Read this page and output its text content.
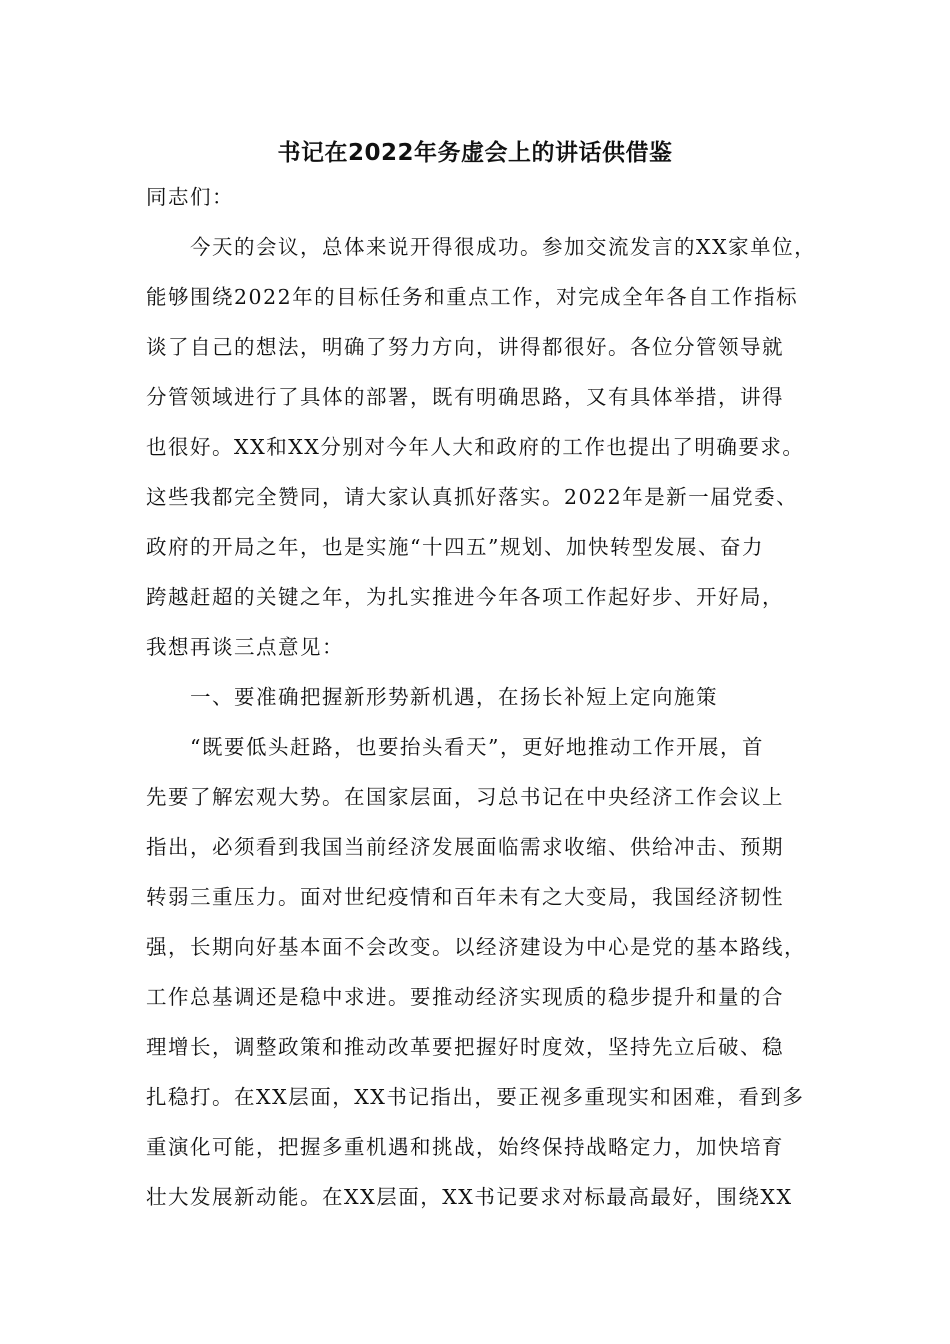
书记在2022年务虚会上的讲话供借鉴
同志们：
今天的会议，总体来说开得很成功。参加交流发言的XX家单位，
能够围绕2022年的目标任务和重点工作，对完成全年各自工作指标
谈了自己的想法，明确了努力方向，讲得都很好。各位分管领导就
分管领域进行了具体的部署，既有明确思路，又有具体举措，讲得
也很好。XX和XX分别对今年人大和政府的工作也提出了明确要求。
这些我都完全赞同，请大家认真抓好落实。2022年是新一届党委、
政府的开局之年，也是实施“十四五”规划、加快转型发展、奋力
跨越赶超的关键之年，为扎实推进今年各项工作起好步、开好局，
我想再谈三点意见：
一、要准确把握新形势新机遇，在扬长补短上定向施策
“既要低头赶路，也要抬头看天”，更好地推动工作开展，首
先要了解宏观大势。在国家层面，习总书记在中央经济工作会议上
指出，必须看到我国当前经济发展面临需求收缩、供给冲击、预期
转弱三重压力。面对世纪疫情和百年未有之大变局，我国经济韧性
强，长期向好基本面不会改变。以经济建设为中心是党的基本路线，
工作总基调还是稳中求进。要推动经济实现质的稳步提升和量的合
理增长，调整政策和推动改革要把握好时度效，坚持先立后破、稳
扎稳打。在XX层面，XX书记指出，要正视多重现实和困难，看到多
重演化可能，把握多重机遇和挑战，始终保持战略定力，加快培育
壮大发展新动能。在XX层面，XX书记要求对标最高最好，围绕XX
